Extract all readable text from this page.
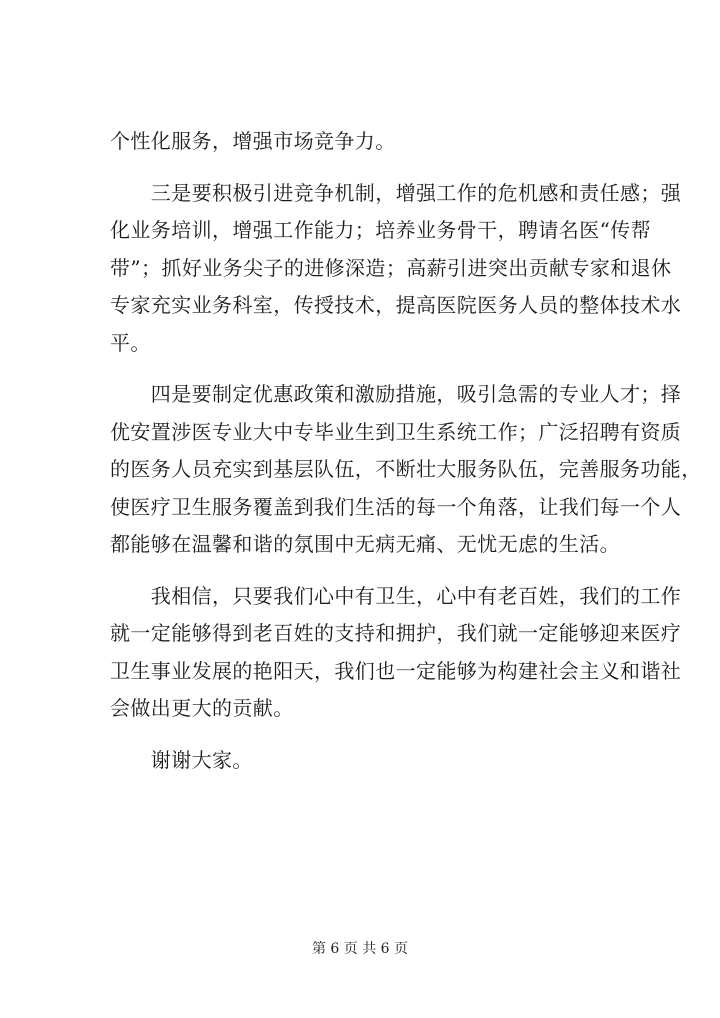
个性化服务，增强市场竞争力。
　　三是要积极引进竞争机制，增强工作的危机感和责任感；强
化业务培训，增强工作能力；培养业务骨干，聘请名医“传帮
带”；抓好业务尖子的进修深造；高薪引进突出贡献专家和退休
专家充实业务科室，传授技术，提高医院医务人员的整体技术水
平。
　　四是要制定优惠政策和激励措施，吸引急需的专业人才；择
优安置涉医专业大中专毕业生到卫生系统工作；广泛招聘有资质
的医务人员充实到基层队伍，不断壮大服务队伍，完善服务功能，
使医疗卫生服务覆盖到我们生活的每一个角落，让我们每一个人
都能够在温馨和谐的氛围中无病无痛、无忧无虑的生活。
　　我相信，只要我们心中有卫生，心中有老百姓，我们的工作
就一定能够得到老百姓的支持和拥护，我们就一定能够迎来医疗
卫生事业发展的艳阳天，我们也一定能够为构建社会主义和谐社
会做出更大的贡献。
　　谢谢大家。
第 6 页 共 6 页
